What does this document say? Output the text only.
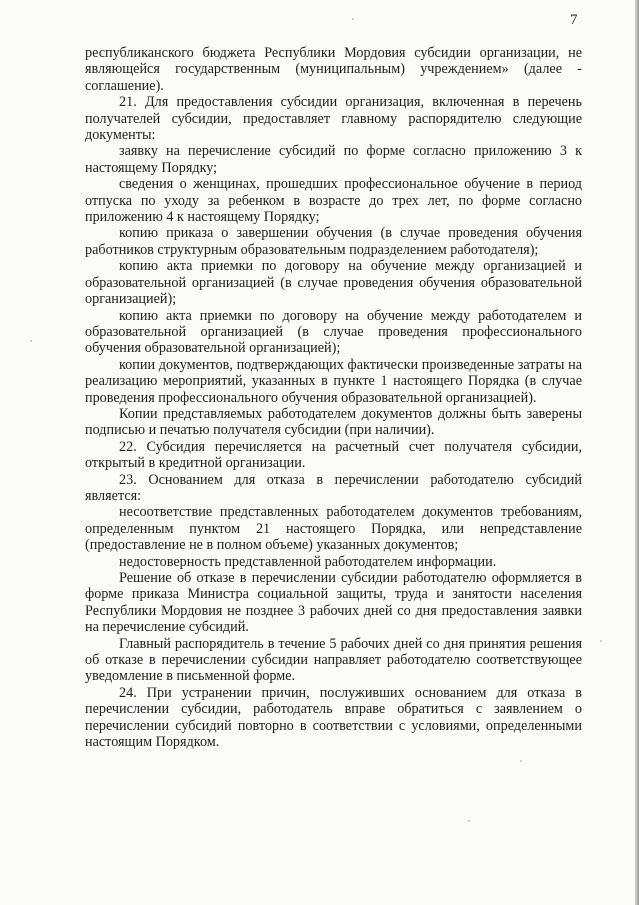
7

республиканского бюджета Республики Мордовия субсидии организации, не являющейся государственным (муниципальным) учреждением» (далее - соглашение).

21. Для предоставления субсидии организация, включенная в перечень получателей субсидии, предоставляет главному распорядителю следующие документы:

заявку на перечисление субсидий по форме согласно приложению 3 к настоящему Порядку;

сведения о женщинах, прошедших профессиональное обучение в период отпуска по уходу за ребенком в возрасте до трех лет, по форме согласно приложению 4 к настоящему Порядку;

копию приказа о завершении обучения (в случае проведения обучения работников структурным образовательным подразделением работодателя);

копию акта приемки по договору на обучение между организацией и образовательной организацией (в случае проведения обучения образовательной организацией);

копию акта приемки по договору на обучение между работодателем и образовательной организацией (в случае проведения профессионального обучения образовательной организацией);

копии документов, подтверждающих фактически произведенные затраты на реализацию мероприятий, указанных в пункте 1 настоящего Порядка (в случае проведения профессионального обучения образовательной организацией).

Копии представляемых работодателем документов должны быть заверены подписью и печатью получателя субсидии (при наличии).

22. Субсидия перечисляется на расчетный счет получателя субсидии, открытый в кредитной организации.

23. Основанием для отказа в перечислении работодателю субсидий является:

несоответствие представленных работодателем документов требованиям, определенным пунктом 21 настоящего Порядка, или непредставление (предоставление не в полном объеме) указанных документов;

недостоверность представленной работодателем информации.

Решение об отказе в перечислении субсидии работодателю оформляется в форме приказа Министра социальной защиты, труда и занятости населения Республики Мордовия не позднее 3 рабочих дней со дня предоставления заявки на перечисление субсидий.

Главный распорядитель в течение 5 рабочих дней со дня принятия решения об отказе в перечислении субсидии направляет работодателю соответствующее уведомление в письменной форме.

24. При устранении причин, послуживших основанием для отказа в перечислении субсидии, работодатель вправе обратиться с заявлением о перечислении субсидий повторно в соответствии с условиями, определенными настоящим Порядком.
